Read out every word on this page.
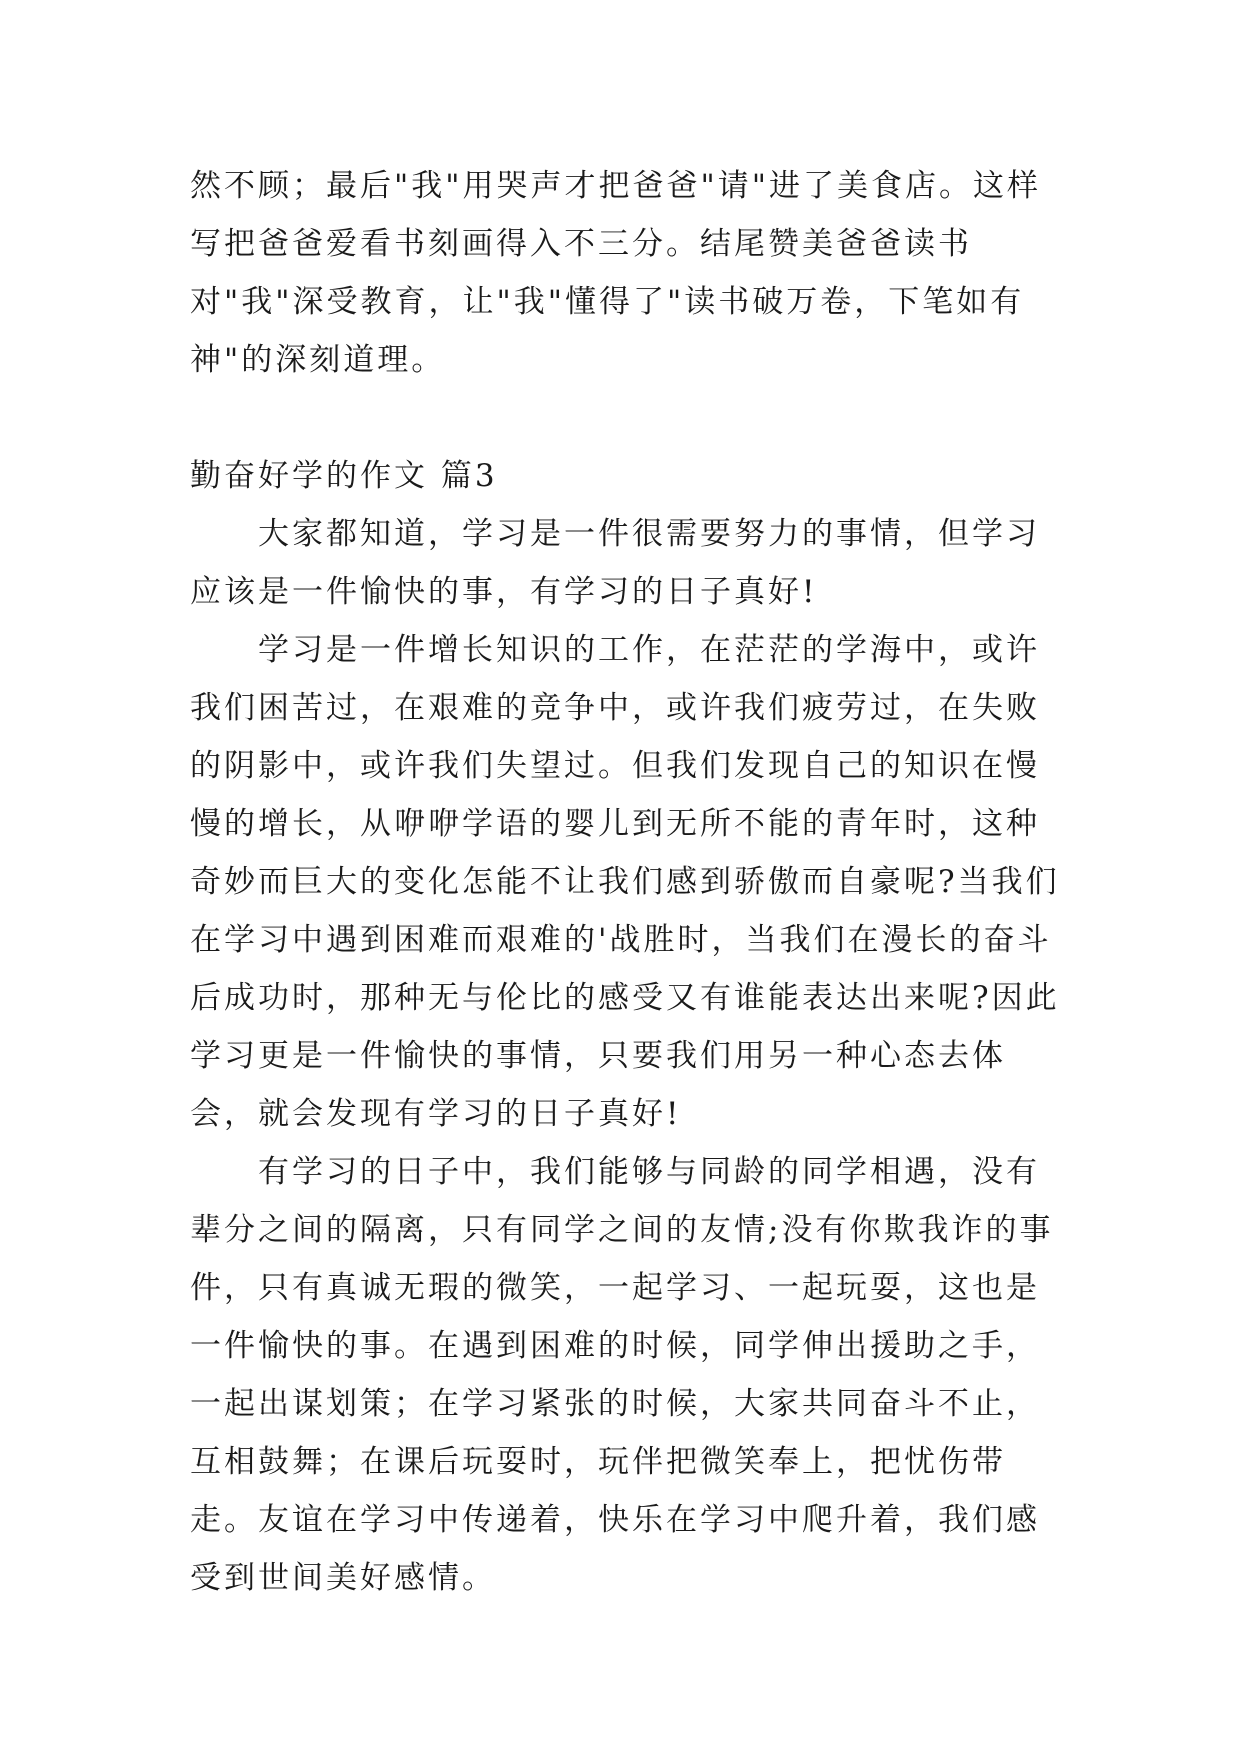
然不顾；最后"我"用哭声才把爸爸"请"进了美食店。这样写把爸爸爱看书刻画得入不三分。结尾赞美爸爸读书对"我"深受教育，让"我"懂得了"读书破万卷，下笔如有神"的深刻道理。

勤奋好学的作文 篇3

大家都知道，学习是一件很需要努力的事情，但学习应该是一件愉快的事，有学习的日子真好!

学习是一件增长知识的工作，在茫茫的学海中，或许我们困苦过，在艰难的竞争中，或许我们疲劳过，在失败的阴影中，或许我们失望过。但我们发现自己的知识在慢慢的增长，从咿咿学语的婴儿到无所不能的青年时，这种奇妙而巨大的变化怎能不让我们感到骄傲而自豪呢?当我们在学习中遇到困难而艰难的'战胜时，当我们在漫长的奋斗后成功时，那种无与伦比的感受又有谁能表达出来呢?因此学习更是一件愉快的事情，只要我们用另一种心态去体会，就会发现有学习的日子真好!

有学习的日子中，我们能够与同龄的同学相遇，没有辈分之间的隔离，只有同学之间的友情;没有你欺我诈的事件，只有真诚无瑕的微笑，一起学习、一起玩耍，这也是一件愉快的事。在遇到困难的时候，同学伸出援助之手，一起出谋划策；在学习紧张的时候，大家共同奋斗不止，互相鼓舞；在课后玩耍时，玩伴把微笑奉上，把忧伤带走。友谊在学习中传递着，快乐在学习中爬升着，我们感受到世间美好感情。
